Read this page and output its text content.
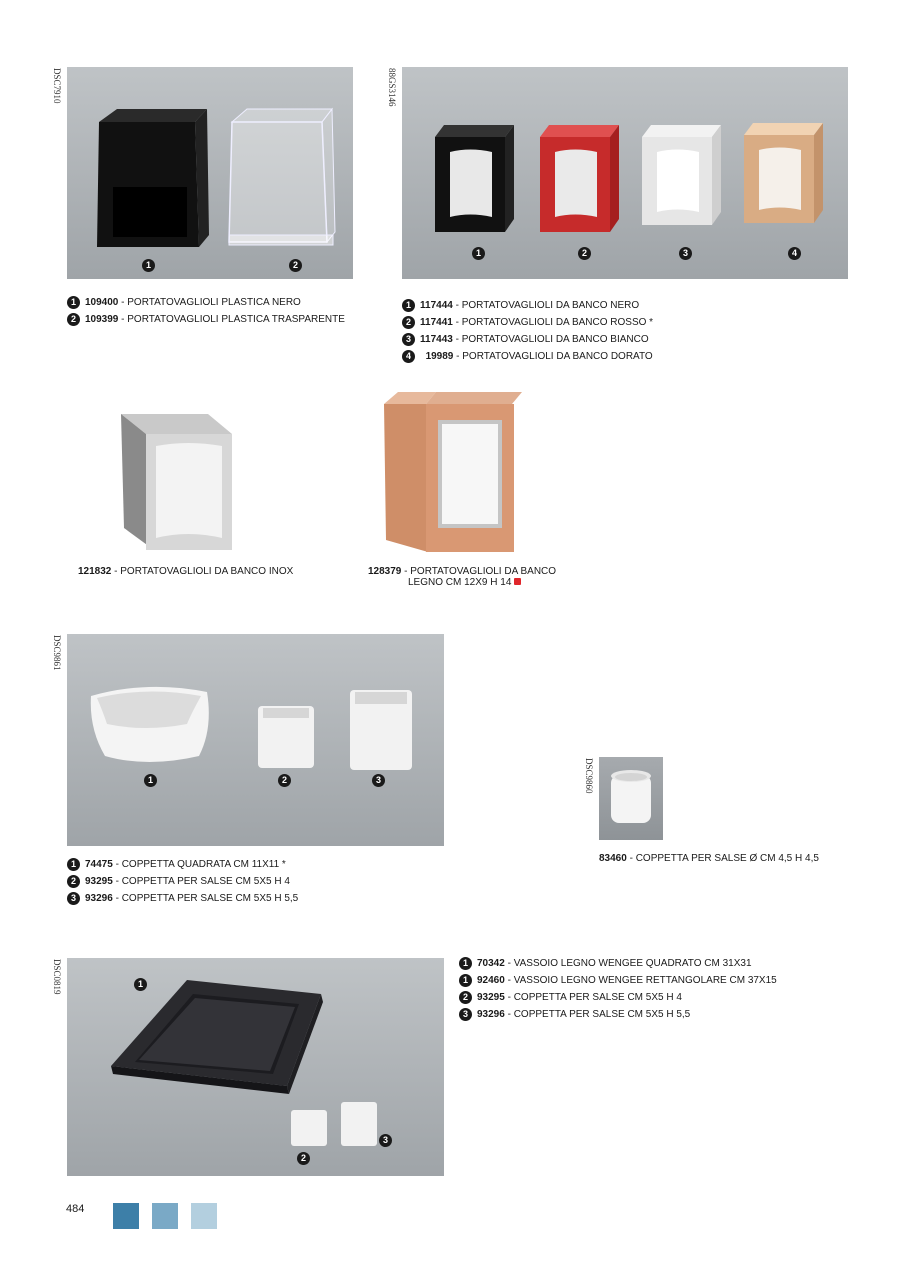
DSC7910
1	2
1 109400 - PORTATOVAGLIOLI PLASTICA NERO
2 109399 - PORTATOVAGLIOLI PLASTICA TRASPARENTE
88GS3146
1	2	3	4
1 117444 - PORTATOVAGLIOLI DA BANCO NERO
2 117441 - PORTATOVAGLIOLI DA BANCO ROSSO *
3 117443 - PORTATOVAGLIOLI DA BANCO BIANCO
4	19989 - PORTATOVAGLIOLI DA BANCO DORATO
121832 - PORTATOVAGLIOLI DA BANCO INOX	128379 - PORTATOVAGLIOLI DA BANCO
LEGNO CM 12X9 H 14
DSC9861
1	2	3
1 74475 - COPPETTA QUADRATA CM 11X11 *
2 93295 - COPPETTA PER SALSE CM 5X5 H 4
3 93296 - COPPETTA PER SALSE CM 5X5 H 5,5
DSC9860
83460 - COPPETTA PER SALSE Ø CM 4,5 H 4,5
DSC0819	1
2
3
1 70342 - VASSOIO LEGNO WENGEE QUADRATO CM 31X31
1 92460 - VASSOIO LEGNO WENGEE RETTANGOLARE CM 37X15
2 93295 - COPPETTA PER SALSE CM 5X5 H 4
3 93296 - COPPETTA PER SALSE CM 5X5 H 5,5
484
